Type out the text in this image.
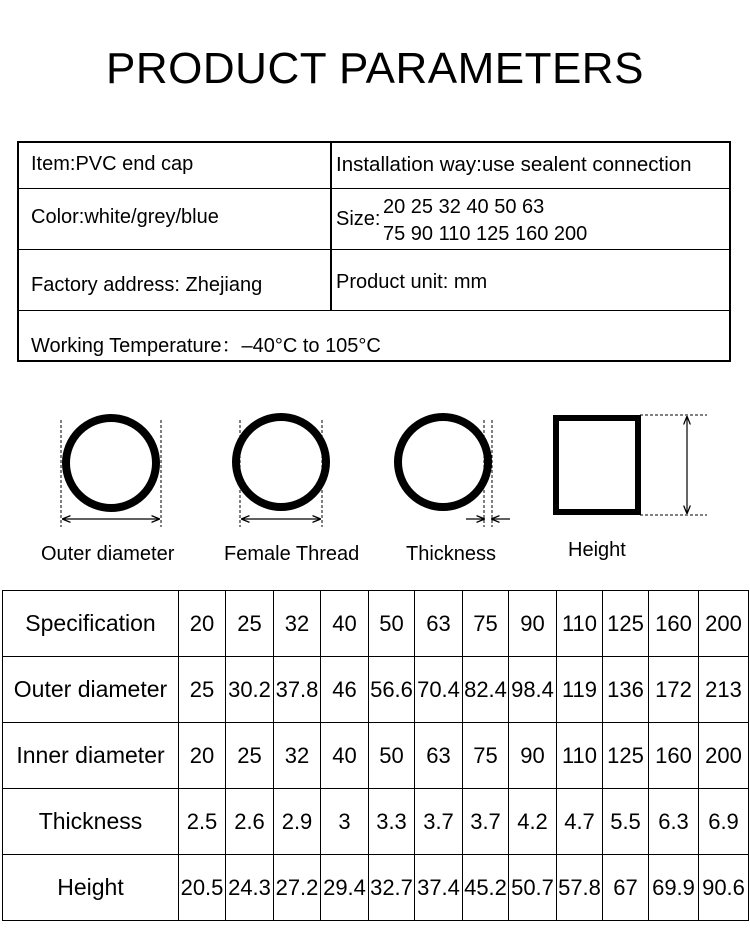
PRODUCT PARAMETERS
Item:PVC end cap	Installation way:use sealent connection
Color:white/grey/blue	Size:
20 25 32 40 50 63
75 90 110 125 160 200
Factory address: Zhejiang	Product unit: mm
Working Temperature：–40°C to 105°C
Outer diameter Female Thread Thickness	Height
Specification	20	25	32	40	50	63	75	90	110	125	160	200
Outer diameter	25	30.2	37.8	46	56.6	70.4	82.4	98.4	119	136	172	213
Inner diameter	20	25	32	40	50	63	75	90	110	125	160	200
Thickness	2.5	2.6	2.9	3	3.3	3.7	3.7	4.2	4.7	5.5	6.3	6.9
Height	20.5	24.3	27.2	29.4	32.7	37.4	45.2	50.7	57.8	67	69.9	90.6
